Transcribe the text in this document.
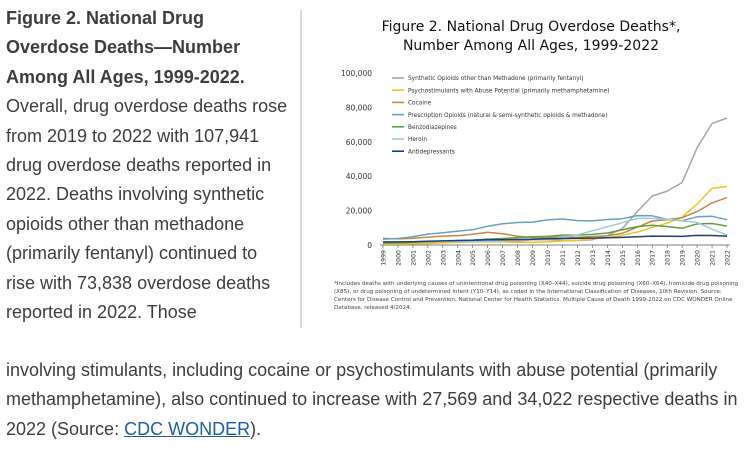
Figure 2. National Drug Overdose Deaths—Number Among All Ages, 1999-2022.
Overall, drug overdose deaths rose from 2019 to 2022 with 107,941 drug overdose deaths reported in 2022. Deaths involving synthetic opioids other than methadone (primarily fentanyl) continued to rise with 73,838 overdose deaths reported in 2022. Those
Figure 2. National Drug Overdose Deaths*,
Number Among All Ages, 1999-2022
0
20,000
40,000
60,000
80,000
100,000
1999 2000 2001 2002 2003 2004 2005 2006 2007 2008 2009 2010 2011 2012 2013 2014 2015 2016 2017 2018 2019 2020 2021 2022
Synthetic Opioids other than Methadone (primarily fentanyl)
Psychostimulants with Abuse Potential (primarily methamphetamine)
Cocaine
Prescription Opioids (natural & semi-synthetic opioids & methadone)
Benzodiazepines
Heroin
Antidepressants
*Includes deaths with underlying causes of unintentional drug poisoning (X40–X44), suicide drug poisoning (X60–X64), homicide drug poisoning (X85), or drug poisoning of undetermined intent (Y10–Y14), as coded in the International Classification of Diseases, 10th Revision. Source: Centers for Disease Control and Prevention, National Center for Health Statistics. Multiple Cause of Death 1999-2022 on CDC WONDER Online Database, released 4/2024.
involving stimulants, including cocaine or psychostimulants with abuse potential (primarily methamphetamine), also continued to increase with 27,569 and 34,022 respective deaths in 2022 (Source: CDC WONDER).
